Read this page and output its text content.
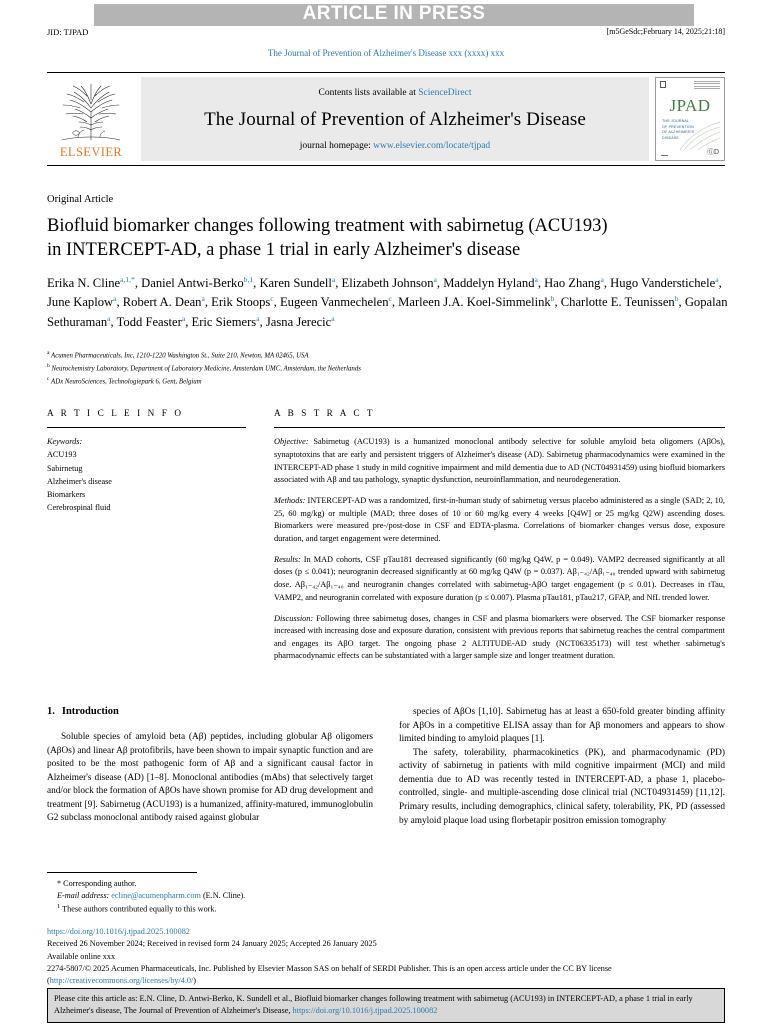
ARTICLE IN PRESS
JID: TJPAD	[m5GeSdc;February 14, 2025;21:18]
The Journal of Prevention of Alzheimer's Disease xxx (xxxx) xxx
ELSEVIER
Contents lists available at ScienceDirect
The Journal of Prevention of Alzheimer's Disease
journal homepage: www.elsevier.com/locate/tjpad
JPAD
THE JOURNAL
OF PREVENTION
OF ALZHEIMER'S
DISEASE
▬▬	ⒼD
Original Article
Biofluid biomarker changes following treatment with sabirnetug (ACU193)
in INTERCEPT-AD, a phase 1 trial in early Alzheimer's disease
Erika N. Cline$^{a,1,*}$, Daniel Antwi-Berko$^{b,1}$, Karen Sundell$^a$, Elizabeth Johnson$^a$, Maddelyn Hyland$^a$, Hao Zhang$^a$, Hugo Vanderstichele$^a$, June Kaplow$^a$, Robert A. Dean$^a$, Erik Stoops$^c$, Eugeen Vanmechelen$^c$, Marleen J.A. Koel-Simmelink$^b$, Charlotte E. Teunissen$^b$, Gopalan Sethuraman$^a$, Todd Feaster$^a$, Eric Siemers$^a$, Jasna Jerecic$^a$
$^a$ Acumen Pharmaceuticals, Inc, 1210-1220 Washington St., Suite 210, Newton, MA 02465, USA
$^b$ Neurochemistry Laboratory, Department of Laboratory Medicine, Amsterdam UMC, Amsterdam, the Netherlands
$^c$ ADx NeuroSciences, Technologiepark 6, Gent, Belgium
A R T I C L E I N F O
Keywords:
ACU193
Sabirnetug
Alzheimer's disease
Biomarkers
Cerebrospinal fluid
A B S T R A C T

Objective: Sabirnetug (ACU193) is a humanized monoclonal antibody selective for soluble amyloid beta oligomers (AβOs), synaptotoxins that are early and persistent triggers of Alzheimer's disease (AD). Sabirnetug pharmacodynamics were examined in the INTERCEPT-AD phase 1 study in mild cognitive impairment and mild dementia due to AD (NCT04931459) using biofluid biomarkers associated with Aβ and tau pathology, synaptic dysfunction, neuroinflammation, and neurodegeneration.

Methods: INTERCEPT-AD was a randomized, first-in-human study of sabirnetug versus placebo administered as a single (SAD; 2, 10, 25, 60 mg/kg) or multiple (MAD; three doses of 10 or 60 mg/kg every 4 weeks [Q4W] or 25 mg/kg Q2W) ascending doses. Biomarkers were measured pre-/post-dose in CSF and EDTA-plasma. Correlations of biomarker changes versus dose, exposure duration, and target engagement were determined.

Results: In MAD cohorts, CSF pTau181 decreased significantly (60 mg/kg Q4W, p = 0.049). VAMP2 decreased significantly at all doses (p ≤ 0.041); neurogranin decreased significantly at 60 mg/kg Q4W (p = 0.037). Aβ₁₋₄₂/Aβ₁₋₄₀ trended upward with sabirnetug dose. Aβ₁₋₄₂/Aβ₁₋₄₀ and neurogranin changes correlated with sabirnetug-AβO target engagement (p ≤ 0.01). Decreases in tTau, VAMP2, and neurogranin correlated with exposure duration (p ≤ 0.007). Plasma pTau181, pTau217, GFAP, and NfL trended lower.

Discussion: Following three sabirnetug doses, changes in CSF and plasma biomarkers were observed. The CSF biomarker response increased with increasing dose and exposure duration, consistent with previous reports that sabirnetug reaches the central compartment and engages its AβO target. The ongoing phase 2 ALTITUDE-AD study (NCT06335173) will test whether sabirnetug's pharmacodynamic effects can be substantiated with a larger sample size and longer treatment duration.

1. Introduction

Soluble species of amyloid beta (Aβ) peptides, including globular Aβ oligomers (AβOs) and linear Aβ protofibrils, have been shown to impair synaptic function and are posited to be the most pathogenic form of Aβ and a significant causal factor in Alzheimer's disease (AD) [1–8]. Monoclonal antibodies (mAbs) that selectively target and/or block the formation of AβOs have shown promise for AD drug development and treatment [9]. Sabirnetug (ACU193) is a humanized, affinity-matured, immunoglobulin G2 subclass monoclonal antibody raised against globular

species of AβOs [1,10]. Sabirnetug has at least a 650-fold greater binding affinity for AβOs in a competitive ELISA assay than for Aβ monomers and appears to show limited binding to amyloid plaques [1].

The safety, tolerability, pharmacokinetics (PK), and pharmacodynamic (PD) activity of sabirnetug in patients with mild cognitive impairment (MCI) and mild dementia due to AD was recently tested in INTERCEPT-AD, a phase 1, placebo-controlled, single- and multiple-ascending dose clinical trial (NCT04931459) [11,12]. Primary results, including demographics, clinical safety, tolerability, PK, PD (assessed by amyloid plaque load using florbetapir positron emission tomography

* Corresponding author.
E-mail address: ecline@acumenpharm.com (E.N. Cline).
$^1$ These authors contributed equally to this work.
https://doi.org/10.1016/j.tjpad.2025.100082
Received 26 November 2024; Received in revised form 24 January 2025; Accepted 26 January 2025
Available online xxx
2274-5807/© 2025 Acumen Pharmaceuticals, Inc. Published by Elsevier Masson SAS on behalf of SERDI Publisher. This is an open access article under the CC BY license (http://creativecommons.org/licenses/by/4.0/)
Please cite this article as: E.N. Cline, D. Antwi-Berko, K. Sundell et al., Biofluid biomarker changes following treatment with sabirnetug (ACU193) in INTERCEPT-AD, a phase 1 trial in early Alzheimer's disease, The Journal of Prevention of Alzheimer's Disease, https://doi.org/10.1016/j.tjpad.2025.100082
